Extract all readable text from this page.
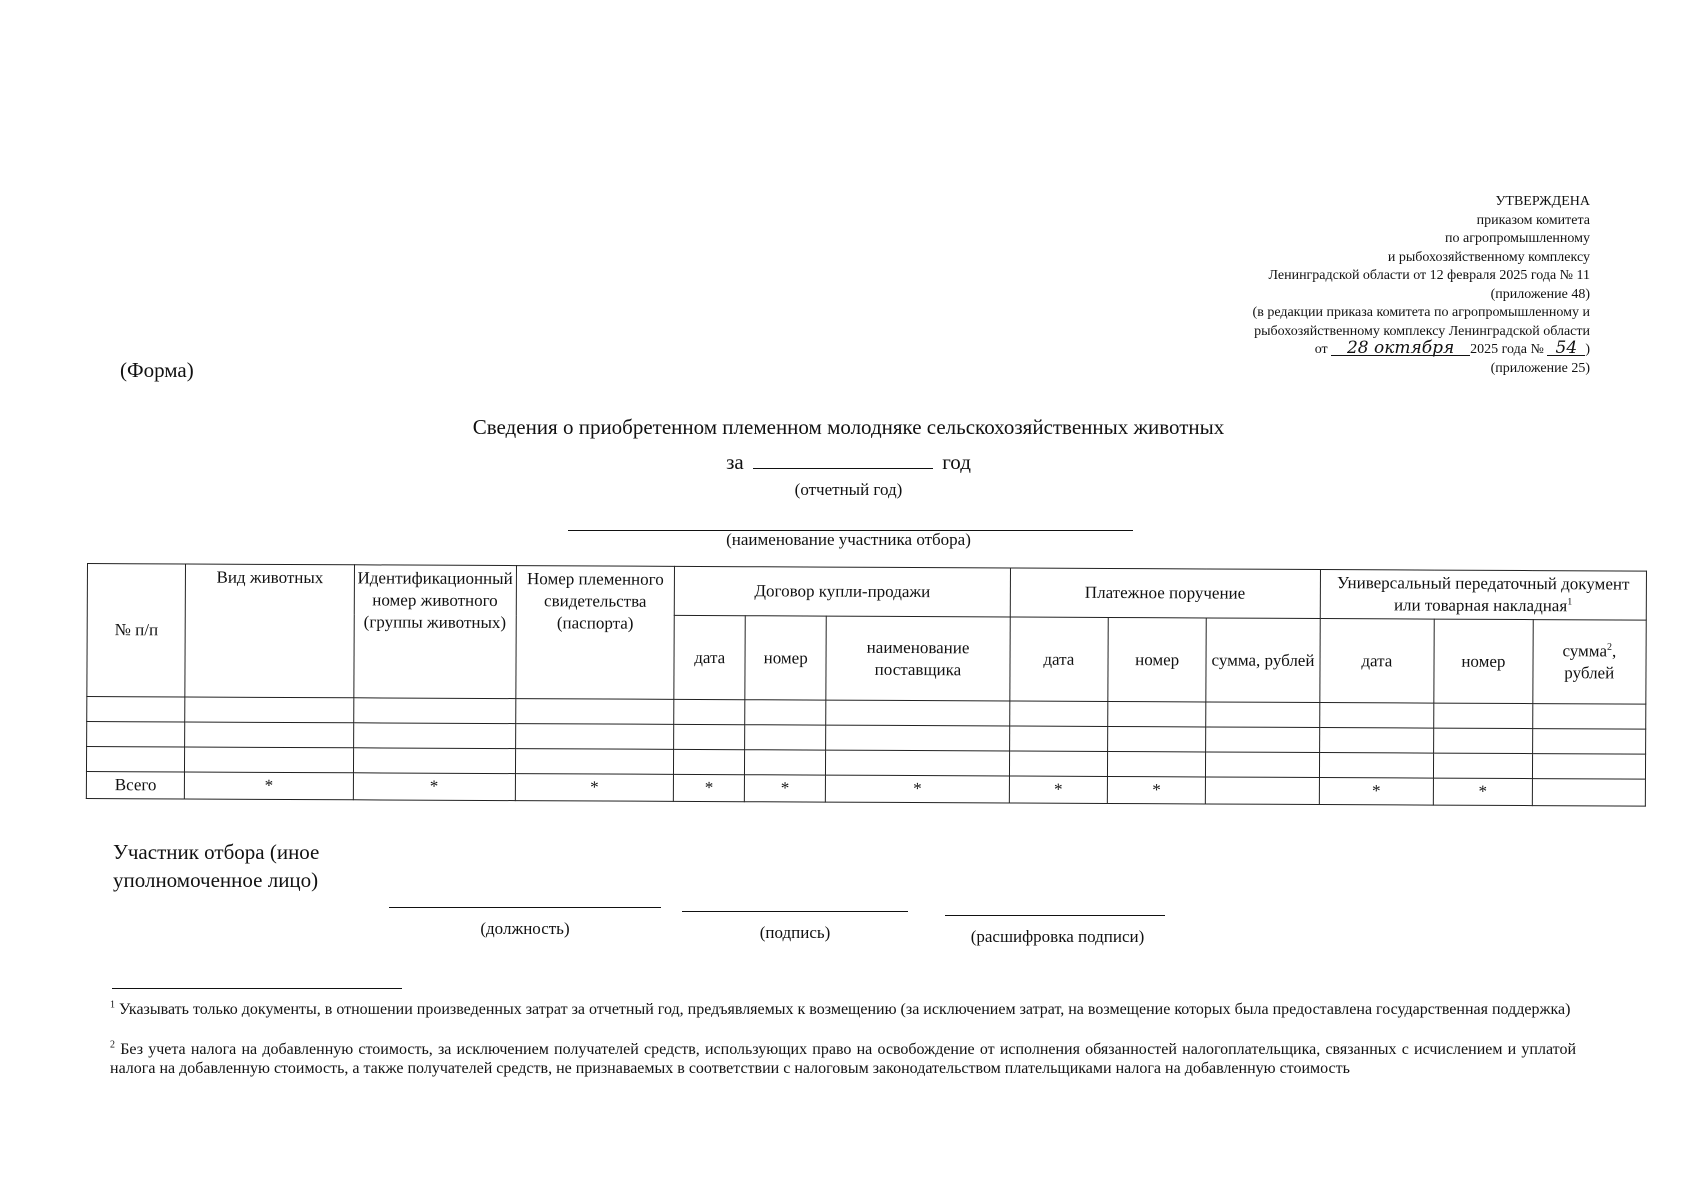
УТВЕРЖДЕНА
приказом комитета
по агропромышленному
и рыбохозяйственному комплексу
Ленинградской области от 12 февраля 2025 года № 11
(приложение 48)
(в редакции приказа комитета по агропромышленному и
рыбохозяйственному комплексу Ленинградской области
от 28 октября 2025 года № 54 )
(приложение 25)
(Форма)
Сведения о приобретенном племенном молодняке сельскохозяйственных животных
за	год
(отчетный год)
(наименование участника отбора)
№ п/п	Вид животных	Идентификационный номер животного (группы животных)	Номер племенного свидетельства (паспорта)	Договор купли-продажи			Платежное поручение			Универсальный передаточный документ или товарная накладная$^1$
				дата	номер	наименование поставщика	дата	номер	сумма, рублей	дата	номер	сумма$^2$, рублей

Всего	*	*	*	*	*	*	*	*		*	*	
Участник отбора (иное
уполномоченное лицо)
(должность)	(подпись)	(расшифровка подписи)
$^1$ Указывать только документы, в отношении произведенных затрат за отчетный год, предъявляемых к возмещению (за исключением затрат, на возмещение которых была предоставлена государственная поддержка)
$^2$ Без учета налога на добавленную стоимость, за исключением получателей средств, использующих право на освобождение от исполнения обязанностей налогоплательщика, связанных с исчислением и уплатой налога на добавленную стоимость, а также получателей средств, не признаваемых в соответствии с налоговым законодательством плательщиками налога на добавленную стоимость
